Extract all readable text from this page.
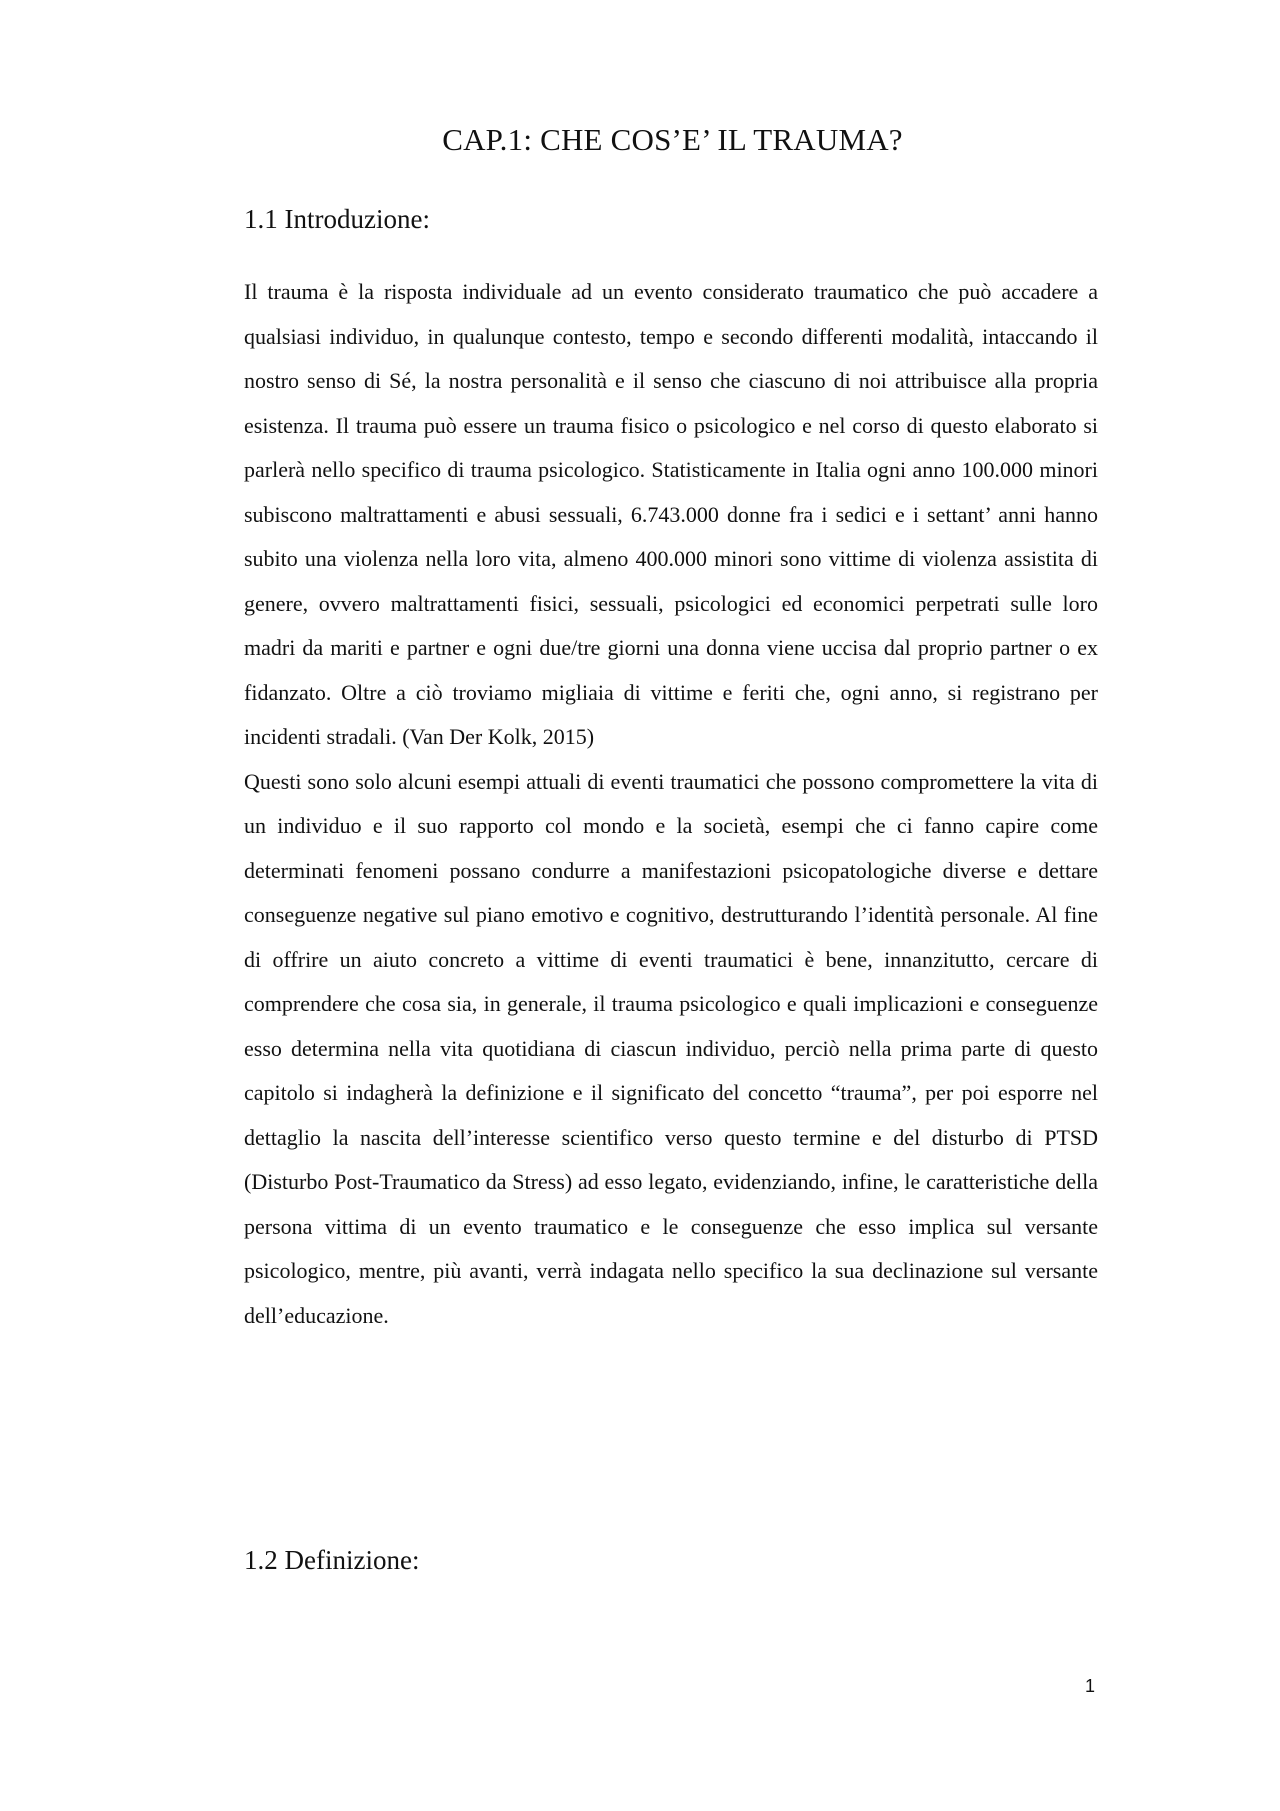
CAP.1: CHE COS’E’ IL TRAUMA?
1.1 Introduzione:

Il trauma è la risposta individuale ad un evento considerato traumatico che può accadere a qualsiasi individuo, in qualunque contesto, tempo e secondo differenti modalità, intaccando il nostro senso di Sé, la nostra personalità e il senso che ciascuno di noi attribuisce alla propria esistenza. Il trauma può essere un trauma fisico o psicologico e nel corso di questo elaborato si parlerà nello specifico di trauma psicologico. Statisticamente in Italia ogni anno 100.000 minori subiscono maltrattamenti e abusi sessuali, 6.743.000 donne fra i sedici e i settant’ anni hanno subito una violenza nella loro vita, almeno 400.000 minori sono vittime di violenza assistita di genere, ovvero maltrattamenti fisici, sessuali, psicologici ed economici perpetrati sulle loro madri da mariti e partner e ogni due/tre giorni una donna viene uccisa dal proprio partner o ex fidanzato. Oltre a ciò troviamo migliaia di vittime e feriti che, ogni anno, si registrano per incidenti stradali. (Van Der Kolk, 2015)

Questi sono solo alcuni esempi attuali di eventi traumatici che possono compromettere la vita di un individuo e il suo rapporto col mondo e la società, esempi che ci fanno capire come determinati fenomeni possano condurre a manifestazioni psicopatologiche diverse e dettare conseguenze negative sul piano emotivo e cognitivo, destrutturando l’identità personale. Al fine di offrire un aiuto concreto a vittime di eventi traumatici è bene, innanzitutto, cercare di comprendere che cosa sia, in generale, il trauma psicologico e quali implicazioni e conseguenze esso determina nella vita quotidiana di ciascun individuo, perciò nella prima parte di questo capitolo si indagherà la definizione e il significato del concetto “trauma”, per poi esporre nel dettaglio la nascita dell’interesse scientifico verso questo termine e del disturbo di PTSD (Disturbo Post-Traumatico da Stress) ad esso legato, evidenziando, infine, le caratteristiche della persona vittima di un evento traumatico e le conseguenze che esso implica sul versante psicologico, mentre, più avanti, verrà indagata nello specifico la sua declinazione sul versante dell’educazione.

1.2 Definizione:
1
